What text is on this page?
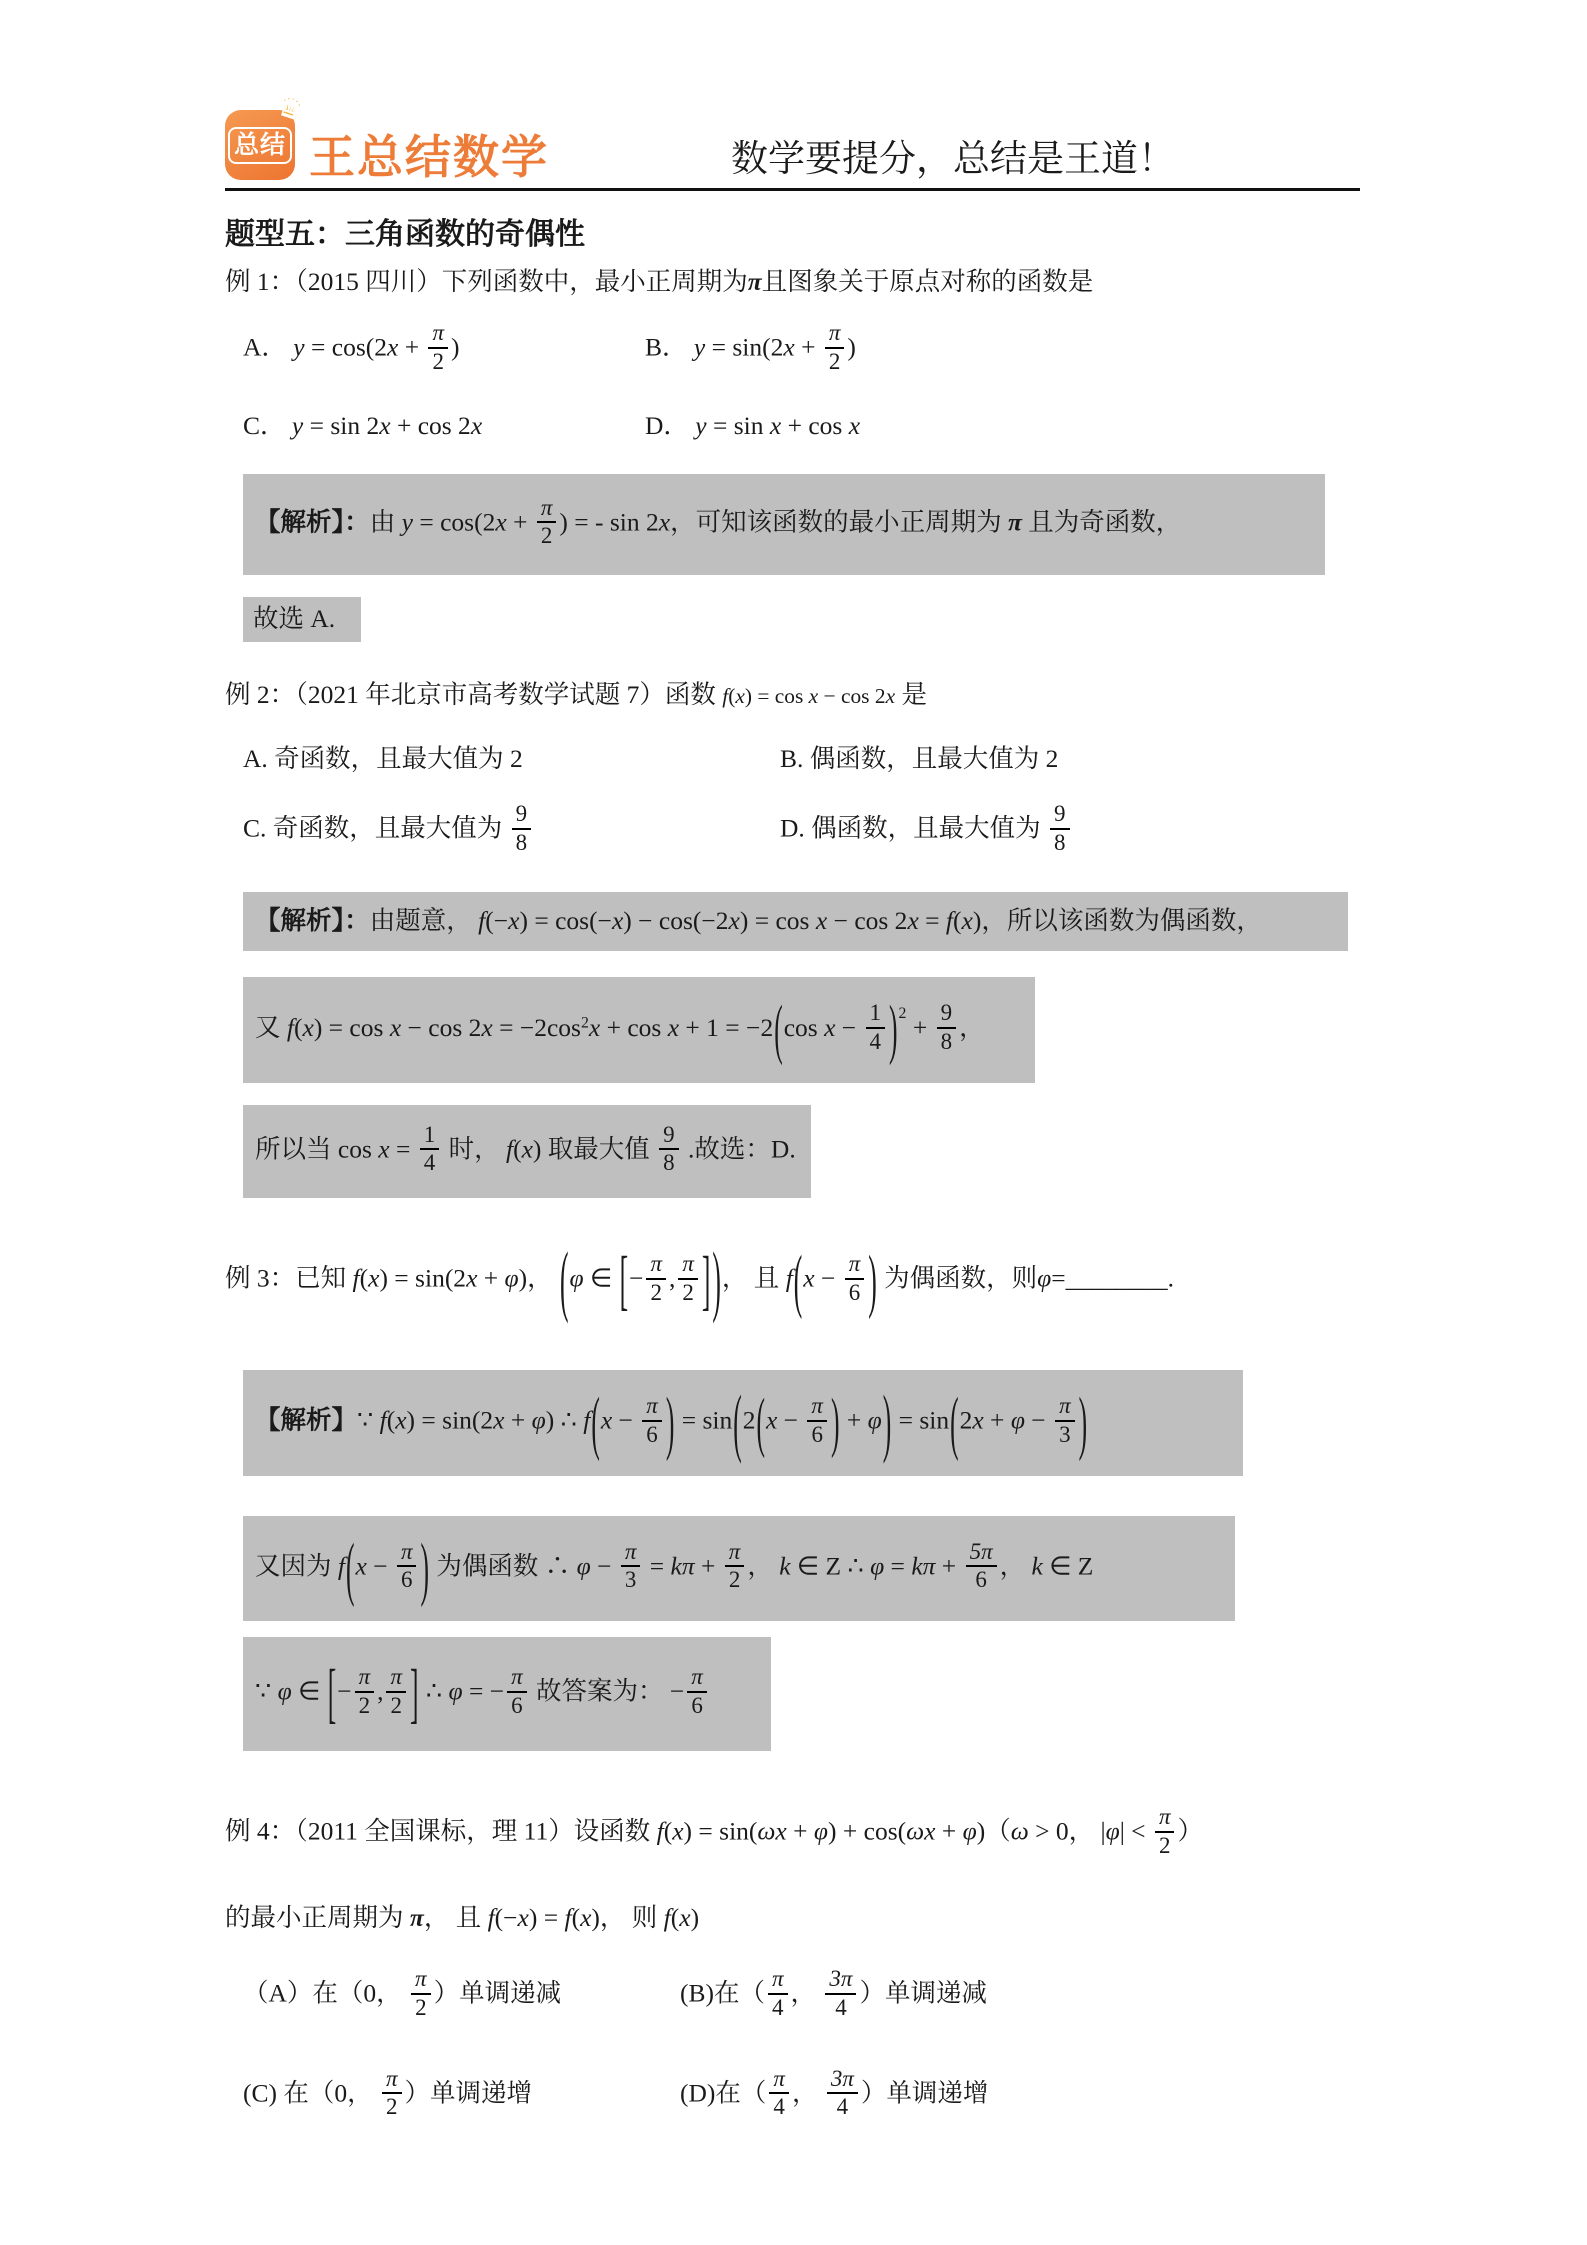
♛
总结 王总结数学	数学要提分，总结是王道！
题型五：三角函数的奇偶性

例 1：（2015 四川）下列函数中，最小正周期为π且图象关于原点对称的函数是

A． $y = \cos(2x + \frac{\pi}{2}$ )	B． $y = \sin(2x + \frac{\pi}{2}$ )
C． y = sin 2x + cos 2x	D． y = sin x + cos x
【解析】：由 $y = \cos(2x + \frac{\pi}{2}$ ) = - sin 2x，可知该函数的最小正周期为 π 且为奇函数，
故选 A.

例 2：（2021 年北京市高考数学试题 7）函数 f(x) = cos x − cos 2x 是

A. 奇函数，且最大值为 2	B. 偶函数，且最大值为 2
C. 奇函数，且最大值为 $\frac{9}{8}$	D. 偶函数，且最大值为 $\frac{9}{8}$
【解析】：由题意， f(−x) = cos(−x) − cos(−2x) = cos x − cos 2x = f(x)，所以该函数为偶函数，
又 $f(x) = \cos x - \cos 2x = -2\cos^2x + \cos x + 1 = -2(\cos$ $x - \frac{1}{4} )^2 + \frac{9}{8}$ ，
所以当 $\cos x = \frac{1}{4}$ 时， f(x) 取最大值 $\frac{9}{8}$ .故选：D.

例 3：已知 f(x) = sin(2x + φ)， (φ ∈ [− $\frac{\pi}{2}$ , $\frac{\pi}{2}$ ])， 且 $f(x - \frac{\pi}{6}$ ) 为偶函数，则φ=________.

【解析】∵ f(x) = sin(2x + φ) ∴ $f(x - \frac{\pi}{6}$ ) = $\sin(2(x - \frac{\pi}{6}$ ) + $\varphi) = \sin(2x + \varphi - \frac{\pi}{3}$ )
又因为 $f(x - \frac{\pi}{6}$ ) 为偶函数 ∴ $\varphi - \frac{\pi}{3} = k\pi + \frac{\pi}{2}$ ， k ∈ Z ∴ $\varphi = k\pi + \frac{5\pi}{6}$ ， k ∈ Z
∵ φ ∈ [− $\frac{\pi}{2}$ , $\frac{\pi}{2}$ ] ∴ φ = − $\frac{\pi}{6}$ 故答案为： − $\frac{\pi}{6}$

例 4：（2011 全国课标，理 11）设函数 f(x) = sin(ωx + φ) + cos(ωx + φ)（ω > 0， $|\varphi| < \frac{\pi}{2}$ ）

的最小正周期为 π， 且 f(−x) = f(x)， 则 f(x)

（A）在（0， $\frac{\pi}{2}$ ）单调递减	(B)在（ $\frac{\pi}{4}$ ， $\frac{3\pi}{4}$ ）单调递减
(C) 在（0， $\frac{\pi}{2}$ ）单调递增	(D)在（ $\frac{\pi}{4}$ ， $\frac{3\pi}{4}$ ）单调递增
